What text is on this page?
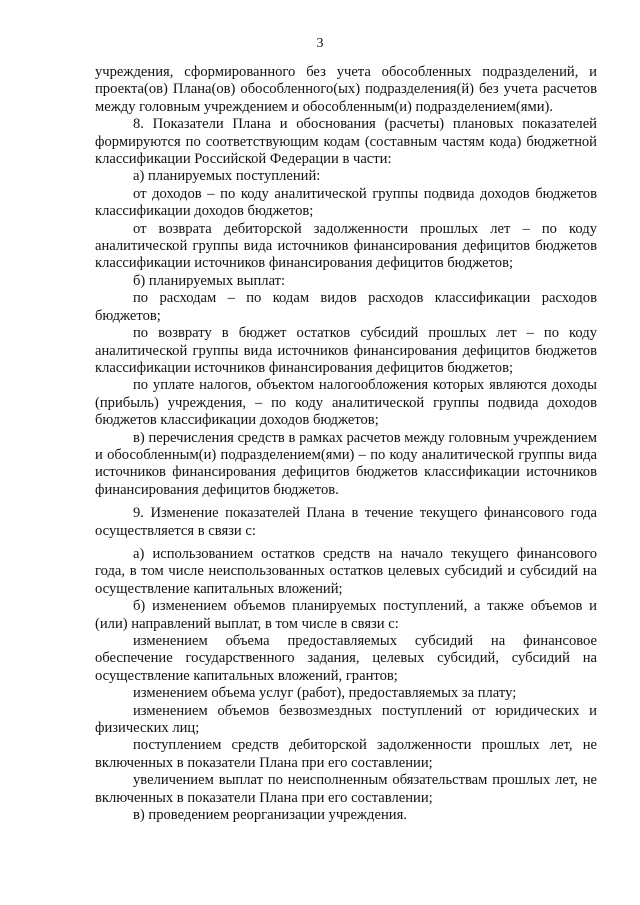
3

учреждения, сформированного без учета обособленных подразделений, и проекта(ов) Плана(ов) обособленного(ых) подразделения(й) без учета расчетов между головным учреждением и обособленным(и) подразделением(ями).

8. Показатели Плана и обоснования (расчеты) плановых показателей формируются по соответствующим кодам (составным частям кода) бюджетной классификации Российской Федерации в части:

а) планируемых поступлений:

от доходов – по коду аналитической группы подвида доходов бюджетов классификации доходов бюджетов;

от возврата дебиторской задолженности прошлых лет – по коду аналитической группы вида источников финансирования дефицитов бюджетов классификации источников финансирования дефицитов бюджетов;

б) планируемых выплат:

по расходам – по кодам видов расходов классификации расходов бюджетов;

по возврату в бюджет остатков субсидий прошлых лет – по коду аналитической группы вида источников финансирования дефицитов бюджетов классификации источников финансирования дефицитов бюджетов;

по уплате налогов, объектом налогообложения которых являются доходы (прибыль) учреждения, – по коду аналитической группы подвида доходов бюджетов классификации доходов бюджетов;

в) перечисления средств в рамках расчетов между головным учреждением и обособленным(и) подразделением(ями) – по коду аналитической группы вида источников финансирования дефицитов бюджетов классификации источников финансирования дефицитов бюджетов.

9. Изменение показателей Плана в течение текущего финансового года осуществляется в связи с:

а) использованием остатков средств на начало текущего финансового года, в том числе неиспользованных остатков целевых субсидий и субсидий на осуществление капитальных вложений;

б) изменением объемов планируемых поступлений, а также объемов и (или) направлений выплат, в том числе в связи с:

изменением объема предоставляемых субсидий на финансовое обеспечение государственного задания, целевых субсидий, субсидий на осуществление капитальных вложений, грантов;

изменением объема услуг (работ), предоставляемых за плату;

изменением объемов безвозмездных поступлений от юридических и физических лиц;

поступлением средств дебиторской задолженности прошлых лет, не включенных в показатели Плана при его составлении;

увеличением выплат по неисполненным обязательствам прошлых лет, не включенных в показатели Плана при его составлении;

в) проведением реорганизации учреждения.
